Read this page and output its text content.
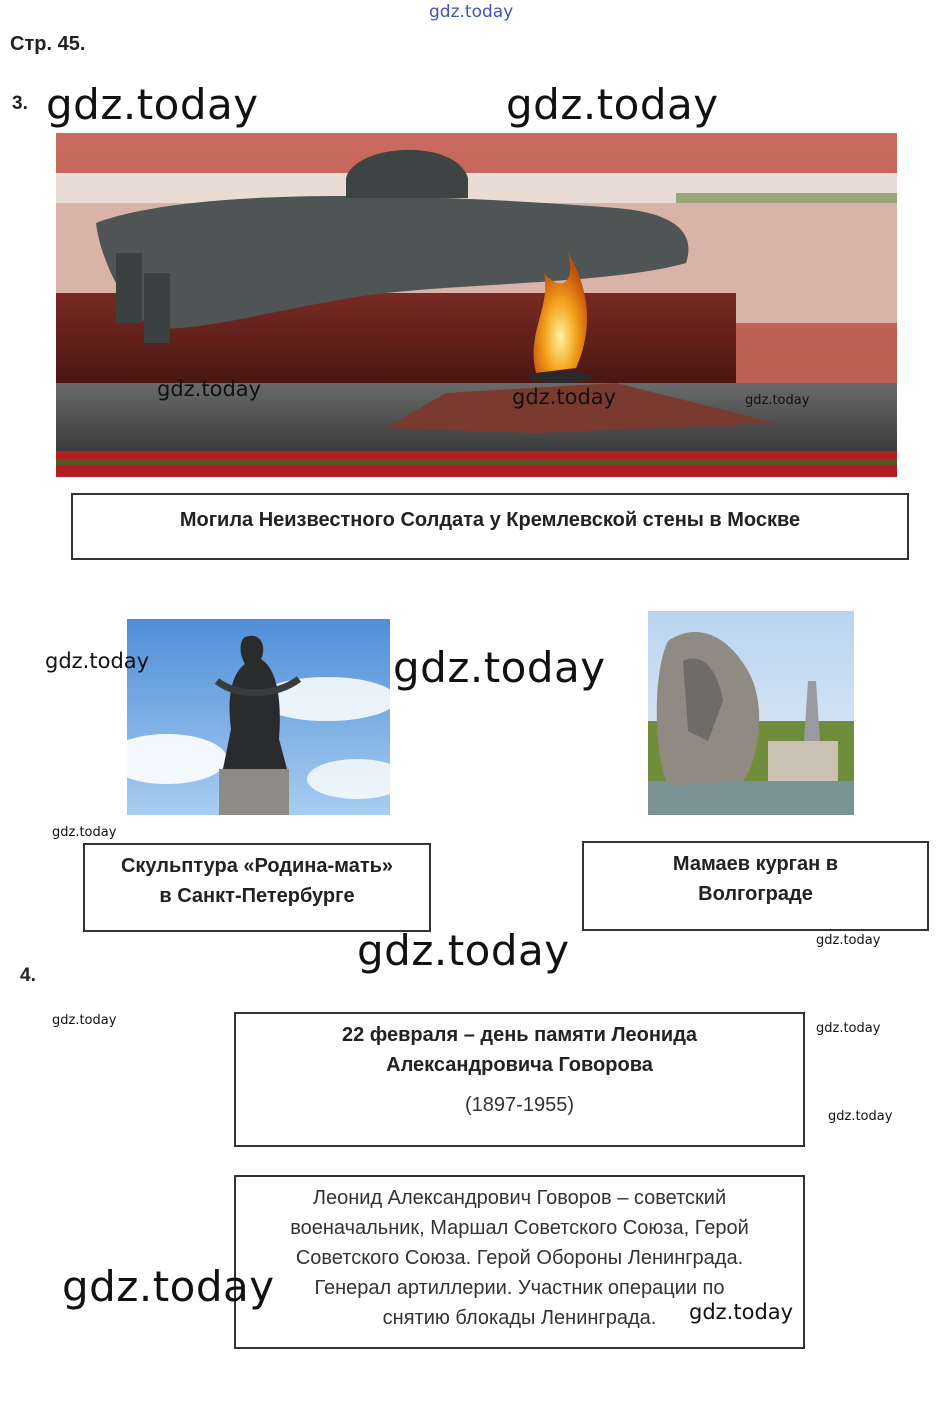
gdz.today
Стр. 45.
3. gdz.today	gdz.today
gdz.today	gdz.today	gdz.today
Могила Неизвестного Солдата у Кремлевской стены в Москве
gdz.today	gdz.today
gdz.today
Скульптура «Родина-мать»
в Санкт-Петербурге
Мамаев курган в
Волгограде
gdz.today	gdz.today
4.
gdz.today
gdz.today
gdz.today
22 февраля – день памяти Леонида
Александровича Говорова
(1897-1955)
Леонид Александрович Говоров – советский
военачальник, Маршал Советского Союза, Герой
Советского Союза. Герой Обороны Ленинграда.
Генерал артиллерии. Участник операции по
снятию блокады Ленинграда.
gdz.today
gdz.today
